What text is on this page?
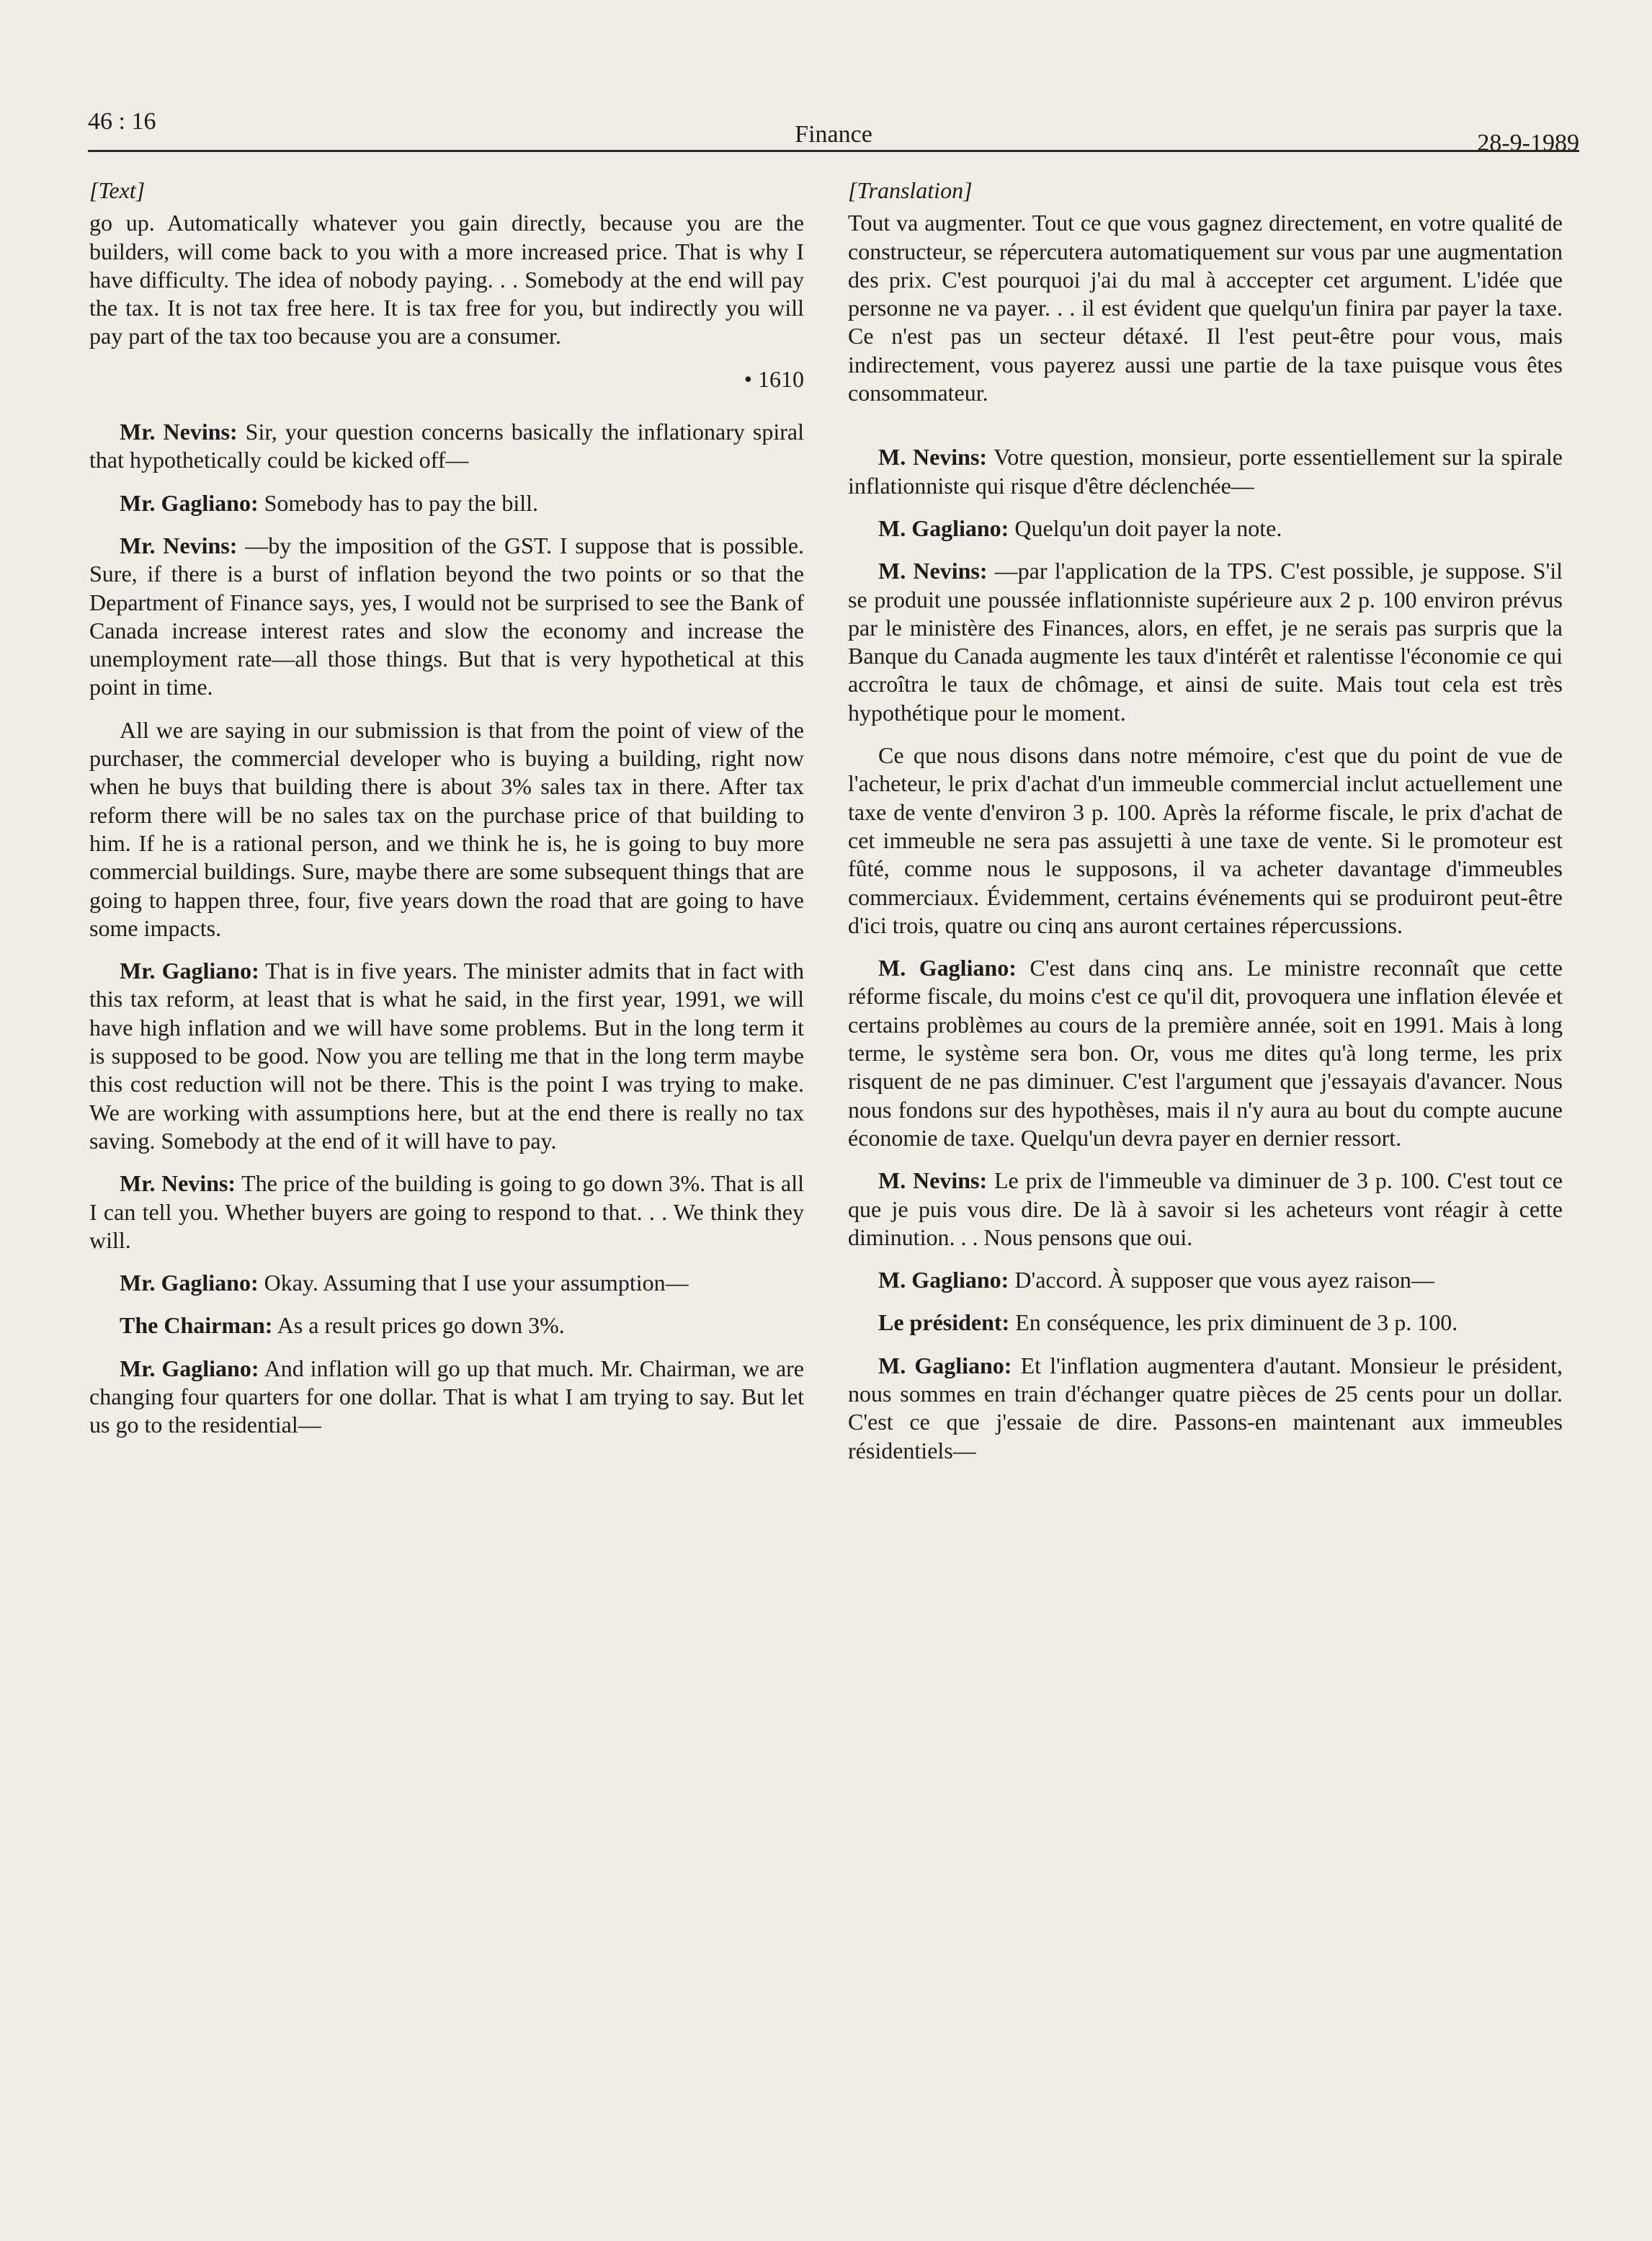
46 : 16	Finance	28-9-1989

[Text]

go up. Automatically whatever you gain directly, because you are the builders, will come back to you with a more increased price. That is why I have difficulty. The idea of nobody paying. . . Somebody at the end will pay the tax. It is not tax free here. It is tax free for you, but indirectly you will pay part of the tax too because you are a consumer.

• 1610

Mr. Nevins: Sir, your question concerns basically the inflationary spiral that hypothetically could be kicked off—

Mr. Gagliano: Somebody has to pay the bill.

Mr. Nevins: —by the imposition of the GST. I suppose that is possible. Sure, if there is a burst of inflation beyond the two points or so that the Department of Finance says, yes, I would not be surprised to see the Bank of Canada increase interest rates and slow the economy and increase the unemployment rate—all those things. But that is very hypothetical at this point in time.

All we are saying in our submission is that from the point of view of the purchaser, the commercial developer who is buying a building, right now when he buys that building there is about 3% sales tax in there. After tax reform there will be no sales tax on the purchase price of that building to him. If he is a rational person, and we think he is, he is going to buy more commercial buildings. Sure, maybe there are some subsequent things that are going to happen three, four, five years down the road that are going to have some impacts.

Mr. Gagliano: That is in five years. The minister admits that in fact with this tax reform, at least that is what he said, in the first year, 1991, we will have high inflation and we will have some problems. But in the long term it is supposed to be good. Now you are telling me that in the long term maybe this cost reduction will not be there. This is the point I was trying to make. We are working with assumptions here, but at the end there is really no tax saving. Somebody at the end of it will have to pay.

Mr. Nevins: The price of the building is going to go down 3%. That is all I can tell you. Whether buyers are going to respond to that. . . We think they will.

Mr. Gagliano: Okay. Assuming that I use your assumption—

The Chairman: As a result prices go down 3%.

Mr. Gagliano: And inflation will go up that much. Mr. Chairman, we are changing four quarters for one dollar. That is what I am trying to say. But let us go to the residential—

[Translation]

Tout va augmenter. Tout ce que vous gagnez directement, en votre qualité de constructeur, se répercutera automatiquement sur vous par une augmentation des prix. C'est pourquoi j'ai du mal à acccepter cet argument. L'idée que personne ne va payer. . . il est évident que quelqu'un finira par payer la taxe. Ce n'est pas un secteur détaxé. Il l'est peut-être pour vous, mais indirectement, vous payerez aussi une partie de la taxe puisque vous êtes consommateur.

M. Nevins: Votre question, monsieur, porte essentiellement sur la spirale inflationniste qui risque d'être déclenchée—

M. Gagliano: Quelqu'un doit payer la note.

M. Nevins: —par l'application de la TPS. C'est possible, je suppose. S'il se produit une poussée inflationniste supérieure aux 2 p. 100 environ prévus par le ministère des Finances, alors, en effet, je ne serais pas surpris que la Banque du Canada augmente les taux d'intérêt et ralentisse l'économie ce qui accroîtra le taux de chômage, et ainsi de suite. Mais tout cela est très hypothétique pour le moment.

Ce que nous disons dans notre mémoire, c'est que du point de vue de l'acheteur, le prix d'achat d'un immeuble commercial inclut actuellement une taxe de vente d'environ 3 p. 100. Après la réforme fiscale, le prix d'achat de cet immeuble ne sera pas assujetti à une taxe de vente. Si le promoteur est fûté, comme nous le supposons, il va acheter davantage d'immeubles commerciaux. Évidemment, certains événements qui se produiront peut-être d'ici trois, quatre ou cinq ans auront certaines répercussions.

M. Gagliano: C'est dans cinq ans. Le ministre reconnaît que cette réforme fiscale, du moins c'est ce qu'il dit, provoquera une inflation élevée et certains problèmes au cours de la première année, soit en 1991. Mais à long terme, le système sera bon. Or, vous me dites qu'à long terme, les prix risquent de ne pas diminuer. C'est l'argument que j'essayais d'avancer. Nous nous fondons sur des hypothèses, mais il n'y aura au bout du compte aucune économie de taxe. Quelqu'un devra payer en dernier ressort.

M. Nevins: Le prix de l'immeuble va diminuer de 3 p. 100. C'est tout ce que je puis vous dire. De là à savoir si les acheteurs vont réagir à cette diminution. . . Nous pensons que oui.

M. Gagliano: D'accord. À supposer que vous ayez raison—

Le président: En conséquence, les prix diminuent de 3 p. 100.

M. Gagliano: Et l'inflation augmentera d'autant. Monsieur le président, nous sommes en train d'échanger quatre pièces de 25 cents pour un dollar. C'est ce que j'essaie de dire. Passons-en maintenant aux immeubles résidentiels—
